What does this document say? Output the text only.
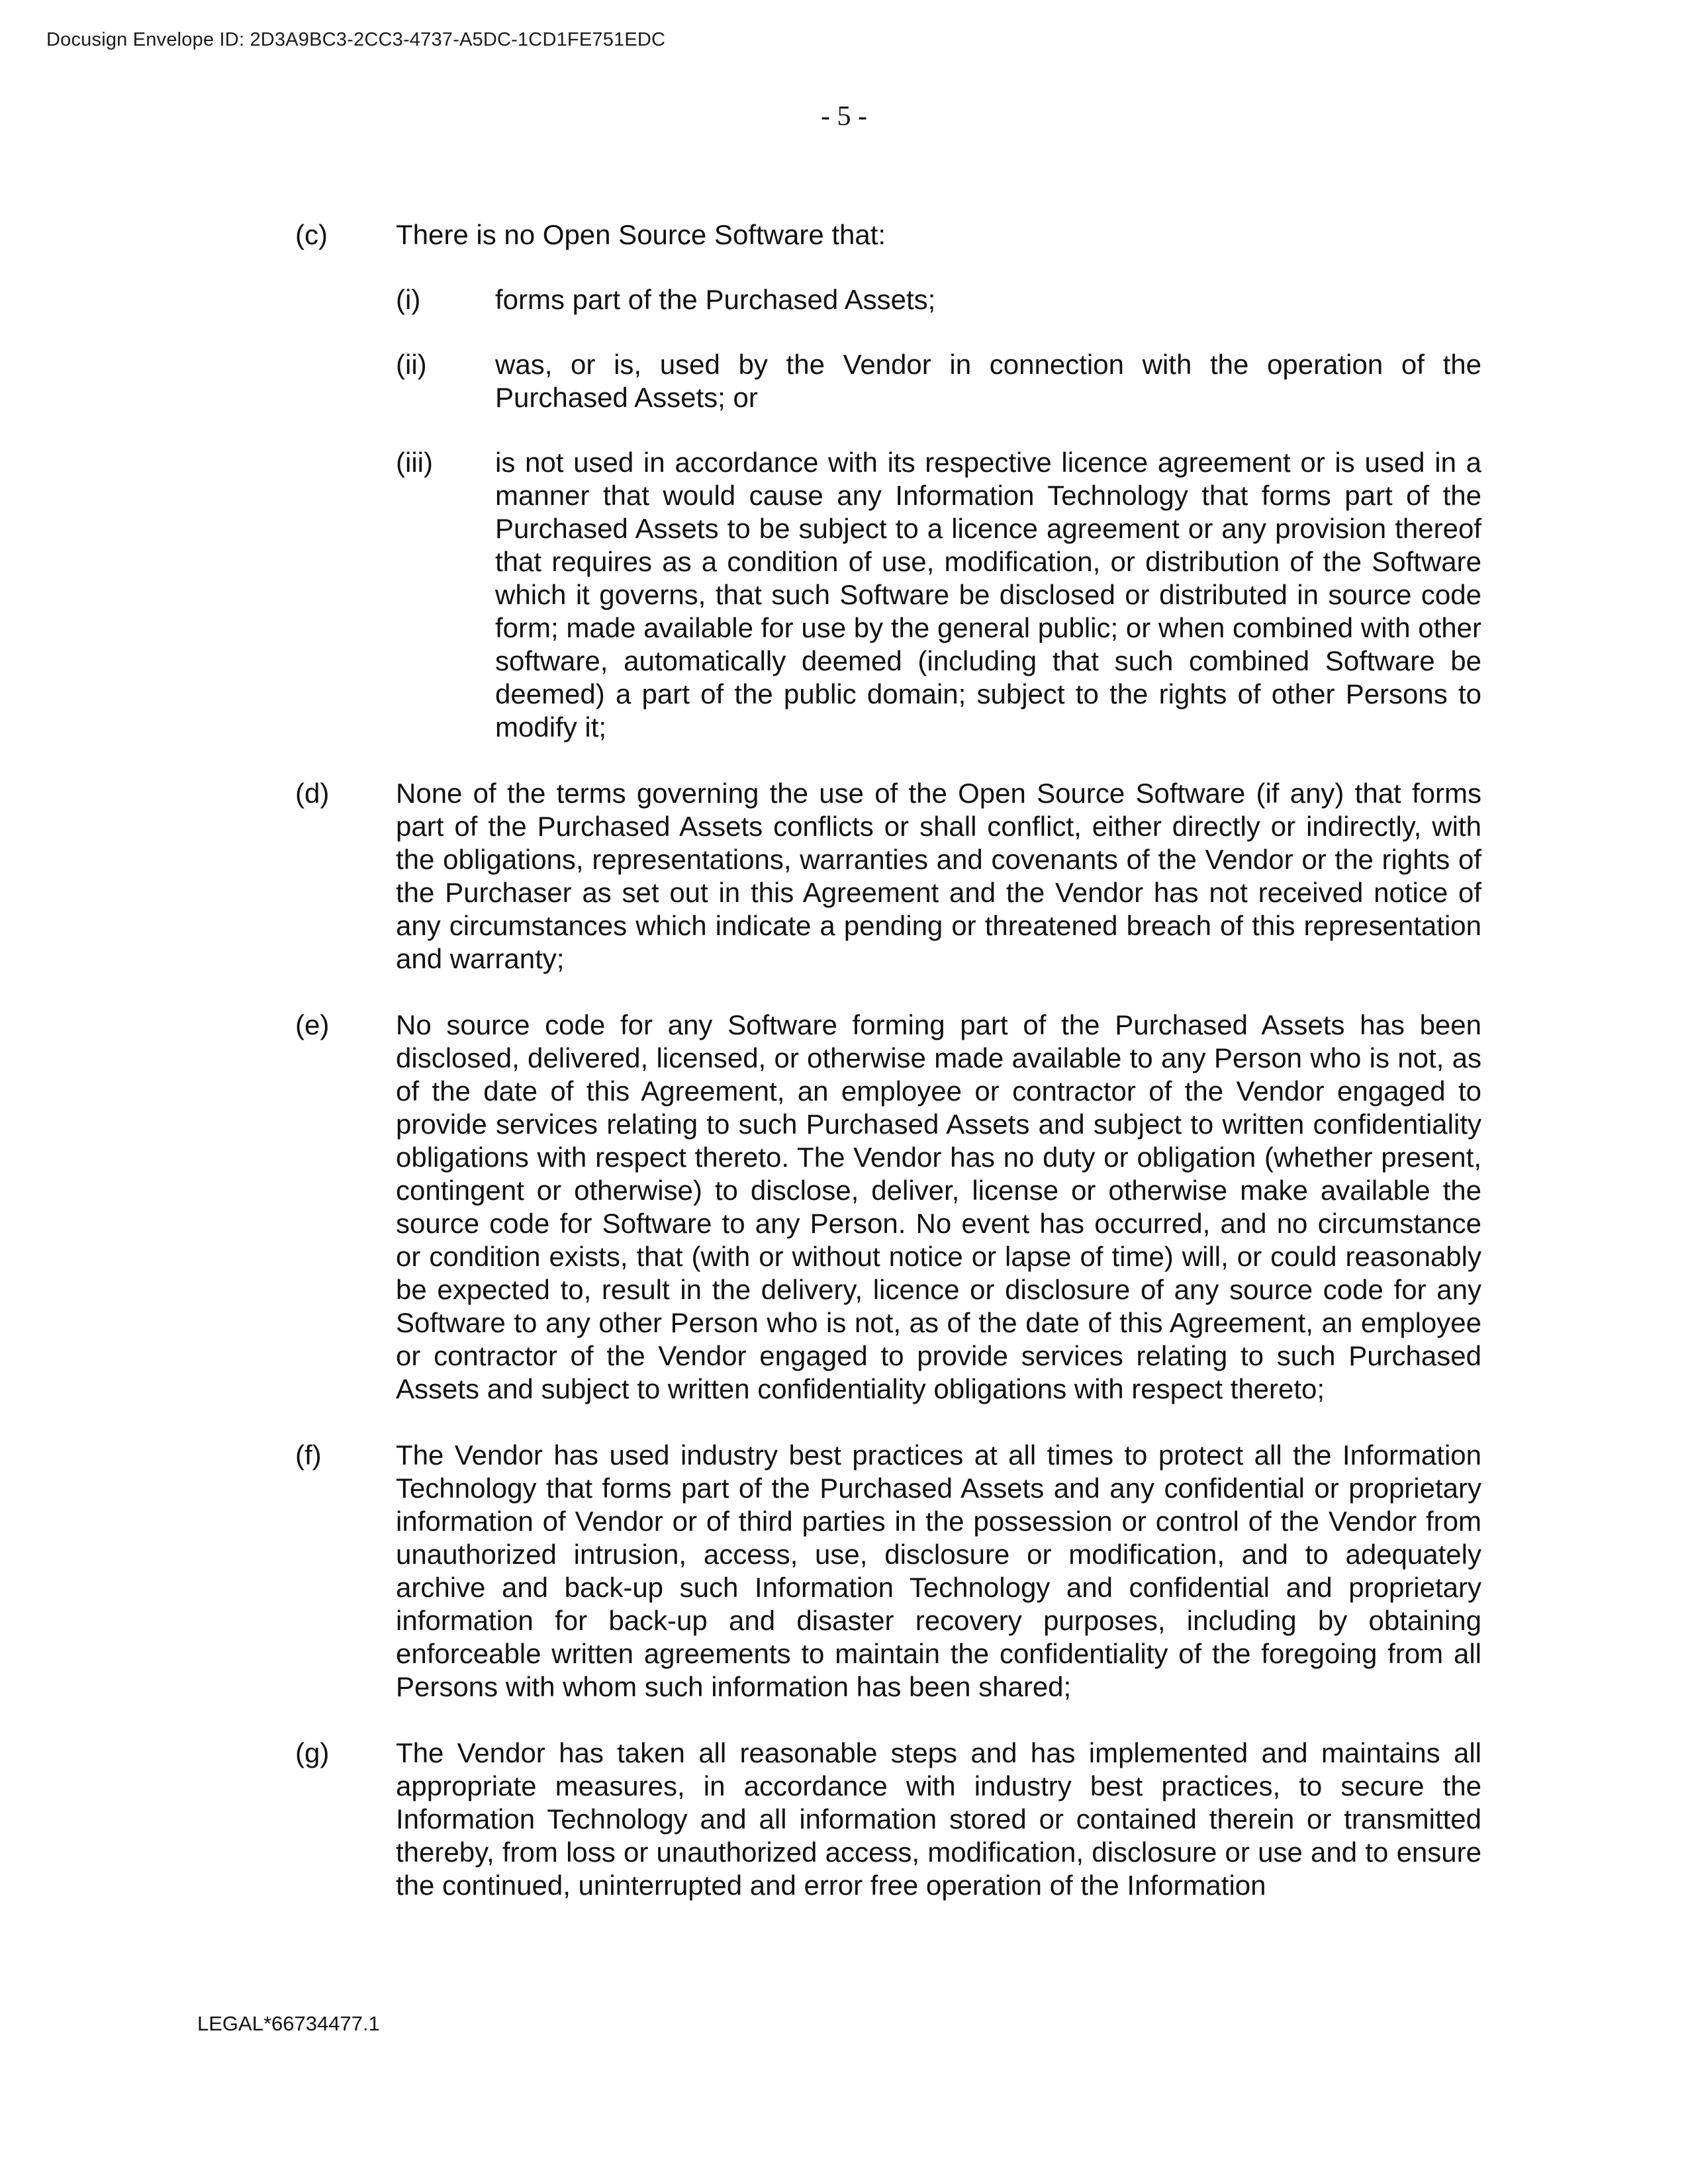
Docusign Envelope ID: 2D3A9BC3-2CC3-4737-A5DC-1CD1FE751EDC
- 5 -
(c) There is no Open Source Software that:
(i)	forms part of the Purchased Assets;
(ii) was, or is, used by the Vendor in connection with the operation of the Purchased Assets; or
(iii) is not used in accordance with its respective licence agreement or is used in a manner that would cause any Information Technology that forms part of the Purchased Assets to be subject to a licence agreement or any provision thereof that requires as a condition of use, modification, or distribution of the Software which it governs, that such Software be disclosed or distributed in source code form; made available for use by the general public; or when combined with other software, automatically deemed (including that such combined Software be deemed) a part of the public domain; subject to the rights of other Persons to modify it;
(d) None of the terms governing the use of the Open Source Software (if any) that forms part of the Purchased Assets conflicts or shall conflict, either directly or indirectly, with the obligations, representations, warranties and covenants of the Vendor or the rights of the Purchaser as set out in this Agreement and the Vendor has not received notice of any circumstances which indicate a pending or threatened breach of this representation and warranty;
(e) No source code for any Software forming part of the Purchased Assets has been disclosed, delivered, licensed, or otherwise made available to any Person who is not, as of the date of this Agreement, an employee or contractor of the Vendor engaged to provide services relating to such Purchased Assets and subject to written confidentiality obligations with respect thereto. The Vendor has no duty or obligation (whether present, contingent or otherwise) to disclose, deliver, license or otherwise make available the source code for Software to any Person. No event has occurred, and no circumstance or condition exists, that (with or without notice or lapse of time) will, or could reasonably be expected to, result in the delivery, licence or disclosure of any source code for any Software to any other Person who is not, as of the date of this Agreement, an employee or contractor of the Vendor engaged to provide services relating to such Purchased Assets and subject to written confidentiality obligations with respect thereto;
(f)	The Vendor has used industry best practices at all times to protect all the Information Technology that forms part of the Purchased Assets and any confidential or proprietary information of Vendor or of third parties in the possession or control of the Vendor from unauthorized intrusion, access, use, disclosure or modification, and to adequately archive and back-up such Information Technology and confidential and proprietary information for back-up and disaster recovery purposes, including by obtaining enforceable written agreements to maintain the confidentiality of the foregoing from all Persons with whom such information has been shared;
(g) The Vendor has taken all reasonable steps and has implemented and maintains all appropriate measures, in accordance with industry best practices, to secure the Information Technology and all information stored or contained therein or transmitted thereby, from loss or unauthorized access, modification, disclosure or use and to ensure the continued, uninterrupted and error free operation of the Information
LEGAL*66734477.1
